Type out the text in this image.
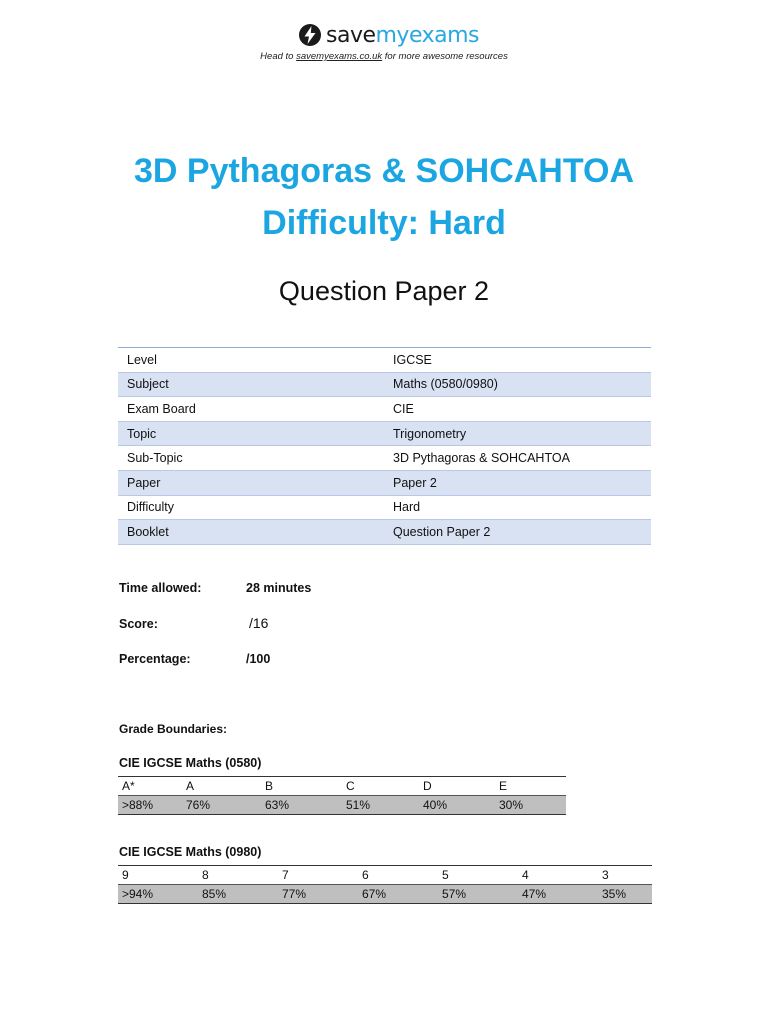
savemyexams
Head to savemyexams.co.uk for more awesome resources
3D Pythagoras & SOHCAHTOA
Difficulty: Hard
Question Paper 2
Level	IGCSE
Subject	Maths (0580/0980)
Exam Board	CIE
Topic	Trigonometry
Sub-Topic	3D Pythagoras & SOHCAHTOA
Paper	Paper 2
Difficulty	Hard
Booklet	Question Paper 2
Time allowed:	28 minutes
Score:	/16
Percentage:	/100
Grade Boundaries:
CIE IGCSE Maths (0580)
A*	A	B	C	D	E
>88%	76%	63%	51%	40%	30%
CIE IGCSE Maths (0980)
9	8	7	6	5	4	3
>94%	85%	77%	67%	57%	47%	35%
